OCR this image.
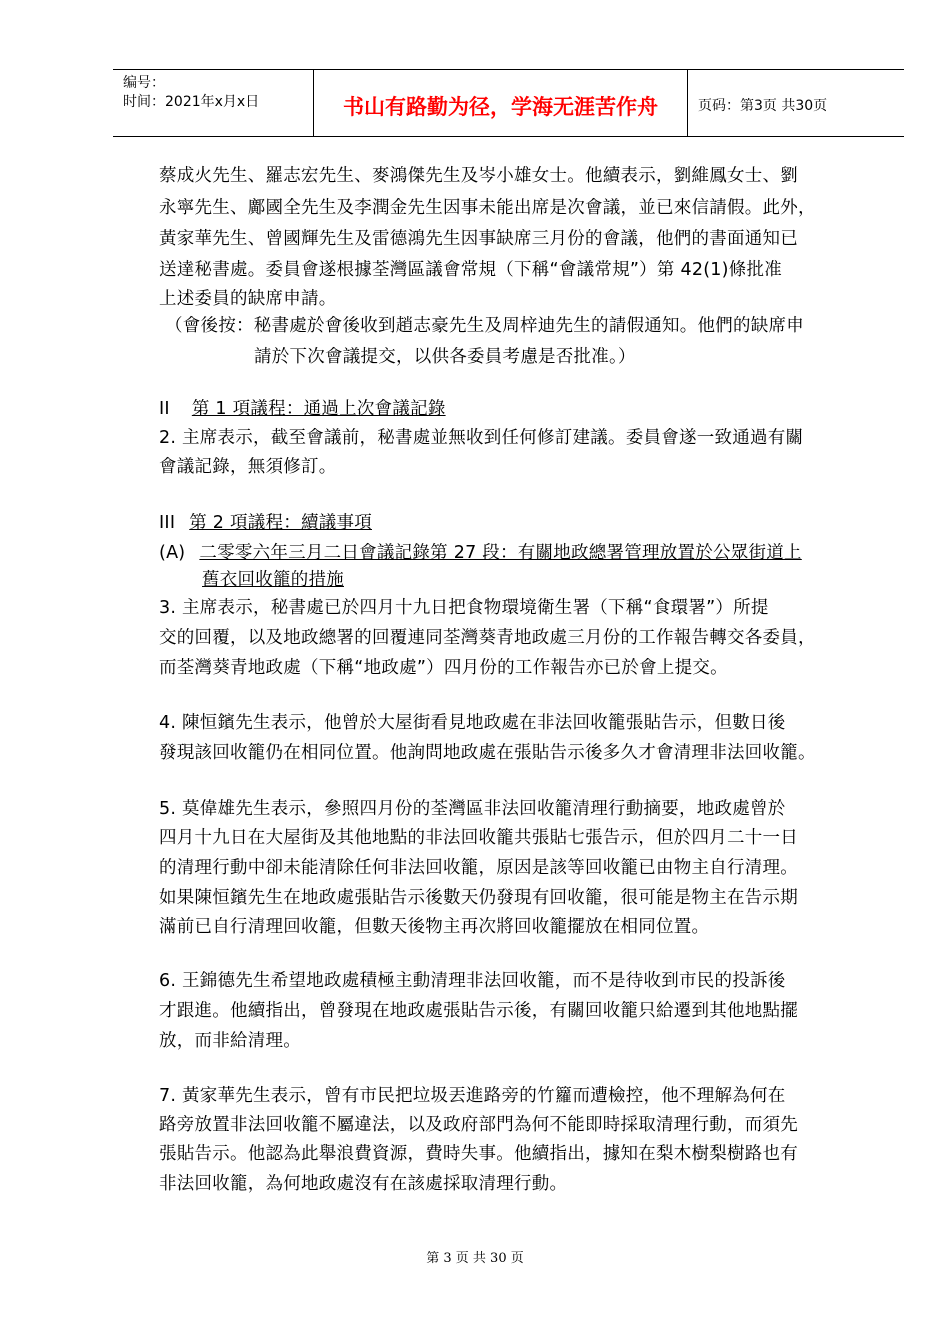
编号：
时间：2021年x月x日	书山有路勤为径，学海无涯苦作舟	页码：第3页 共30页
蔡成火先生、羅志宏先生、麥鴻傑先生及岑小雄女士。他續表示，劉維鳳女士、劉
永寧先生、鄺國全先生及李潤金先生因事未能出席是次會議，並已來信請假。此外，
黃家華先生、曾國輝先生及雷德鴻先生因事缺席三月份的會議，他們的書面通知已
送達秘書處。委員會遂根據荃灣區議會常規（下稱“會議常規”）第 42(1)條批准
上述委員的缺席申請。
（會後按：秘書處於會後收到趙志豪先生及周梓迪先生的請假通知。他們的缺席申
請於下次會議提交，以供各委員考慮是否批准。）
II 第 1 項議程：通過上次會議記錄
2. 主席表示，截至會議前，秘書處並無收到任何修訂建議。委員會遂一致通過有關
會議記錄，無須修訂。
III 第 2 項議程：續議事項
(A) 二零零六年三月二日會議記錄第 27 段：有關地政總署管理放置於公眾街道上
舊衣回收籠的措施
3. 主席表示，秘書處已於四月十九日把食物環境衛生署（下稱“食環署”）所提
交的回覆，以及地政總署的回覆連同荃灣葵青地政處三月份的工作報告轉交各委員，
而荃灣葵青地政處（下稱“地政處”）四月份的工作報告亦已於會上提交。
4. 陳恒鑌先生表示，他曾於大屋街看見地政處在非法回收籠張貼告示，但數日後
發現該回收籠仍在相同位置。他詢問地政處在張貼告示後多久才會清理非法回收籠。
5. 莫偉雄先生表示，參照四月份的荃灣區非法回收籠清理行動摘要，地政處曾於
四月十九日在大屋街及其他地點的非法回收籠共張貼七張告示，但於四月二十一日
的清理行動中卻未能清除任何非法回收籠，原因是該等回收籠已由物主自行清理。
如果陳恒鑌先生在地政處張貼告示後數天仍發現有回收籠，很可能是物主在告示期
滿前已自行清理回收籠，但數天後物主再次將回收籠擺放在相同位置。
6. 王錦德先生希望地政處積極主動清理非法回收籠，而不是待收到市民的投訴後
才跟進。他續指出，曾發現在地政處張貼告示後，有關回收籠只給遷到其他地點擺
放，而非給清理。
7. 黃家華先生表示，曾有市民把垃圾丟進路旁的竹籮而遭檢控，他不理解為何在
路旁放置非法回收籠不屬違法，以及政府部門為何不能即時採取清理行動，而須先
張貼告示。他認為此舉浪費資源，費時失事。他續指出，據知在梨木樹梨樹路也有
非法回收籠，為何地政處沒有在該處採取清理行動。
第 3 页 共 30 页
